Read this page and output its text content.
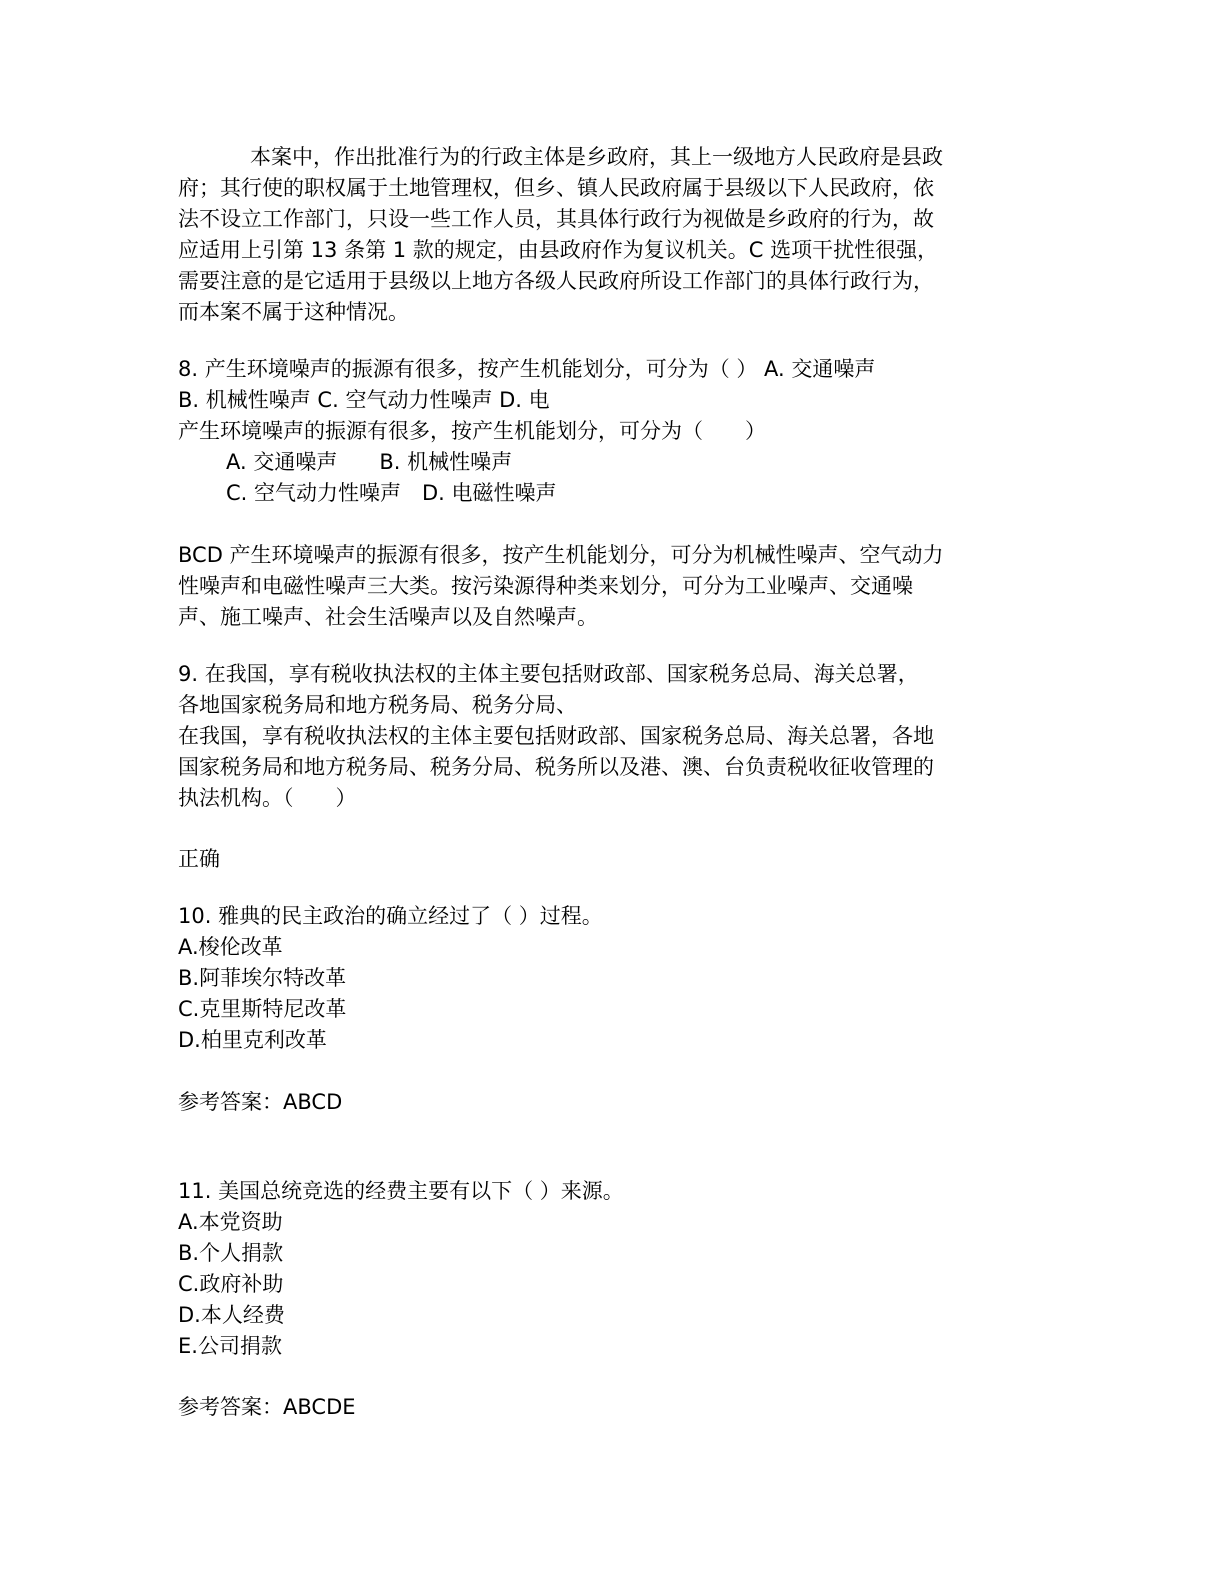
本案中，作出批准行为的行政主体是乡政府，其上一级地方人民政府是县政
府；其行使的职权属于土地管理权，但乡、镇人民政府属于县级以下人民政府，依
法不设立工作部门，只设一些工作人员，其具体行政行为视做是乡政府的行为，故
应适用上引第 13 条第 1 款的规定，由县政府作为复议机关。C 选项干扰性很强，
需要注意的是它适用于县级以上地方各级人民政府所设工作部门的具体行政行为，
而本案不属于这种情况。
8. 产生环境噪声的振源有很多，按产生机能划分，可分为（ ） A. 交通噪声
B. 机械性噪声 C. 空气动力性噪声 D. 电
产生环境噪声的振源有很多，按产生机能划分，可分为（　　）
A. 交通噪声　　B. 机械性噪声
C. 空气动力性噪声　D. 电磁性噪声
BCD 产生环境噪声的振源有很多，按产生机能划分，可分为机械性噪声、空气动力
性噪声和电磁性噪声三大类。按污染源得种类来划分，可分为工业噪声、交通噪
声、施工噪声、社会生活噪声以及自然噪声。
9. 在我国，享有税收执法权的主体主要包括财政部、国家税务总局、海关总署，
各地国家税务局和地方税务局、税务分局、
在我国，享有税收执法权的主体主要包括财政部、国家税务总局、海关总署，各地
国家税务局和地方税务局、税务分局、税务所以及港、澳、台负责税收征收管理的
执法机构。（　　）
正确
10. 雅典的民主政治的确立经过了（ ）过程。
A.梭伦改革
B.阿菲埃尔特改革
C.克里斯特尼改革
D.柏里克利改革
参考答案：ABCD
11. 美国总统竞选的经费主要有以下（ ）来源。
A.本党资助
B.个人捐款
C.政府补助
D.本人经费
E.公司捐款
参考答案：ABCDE
